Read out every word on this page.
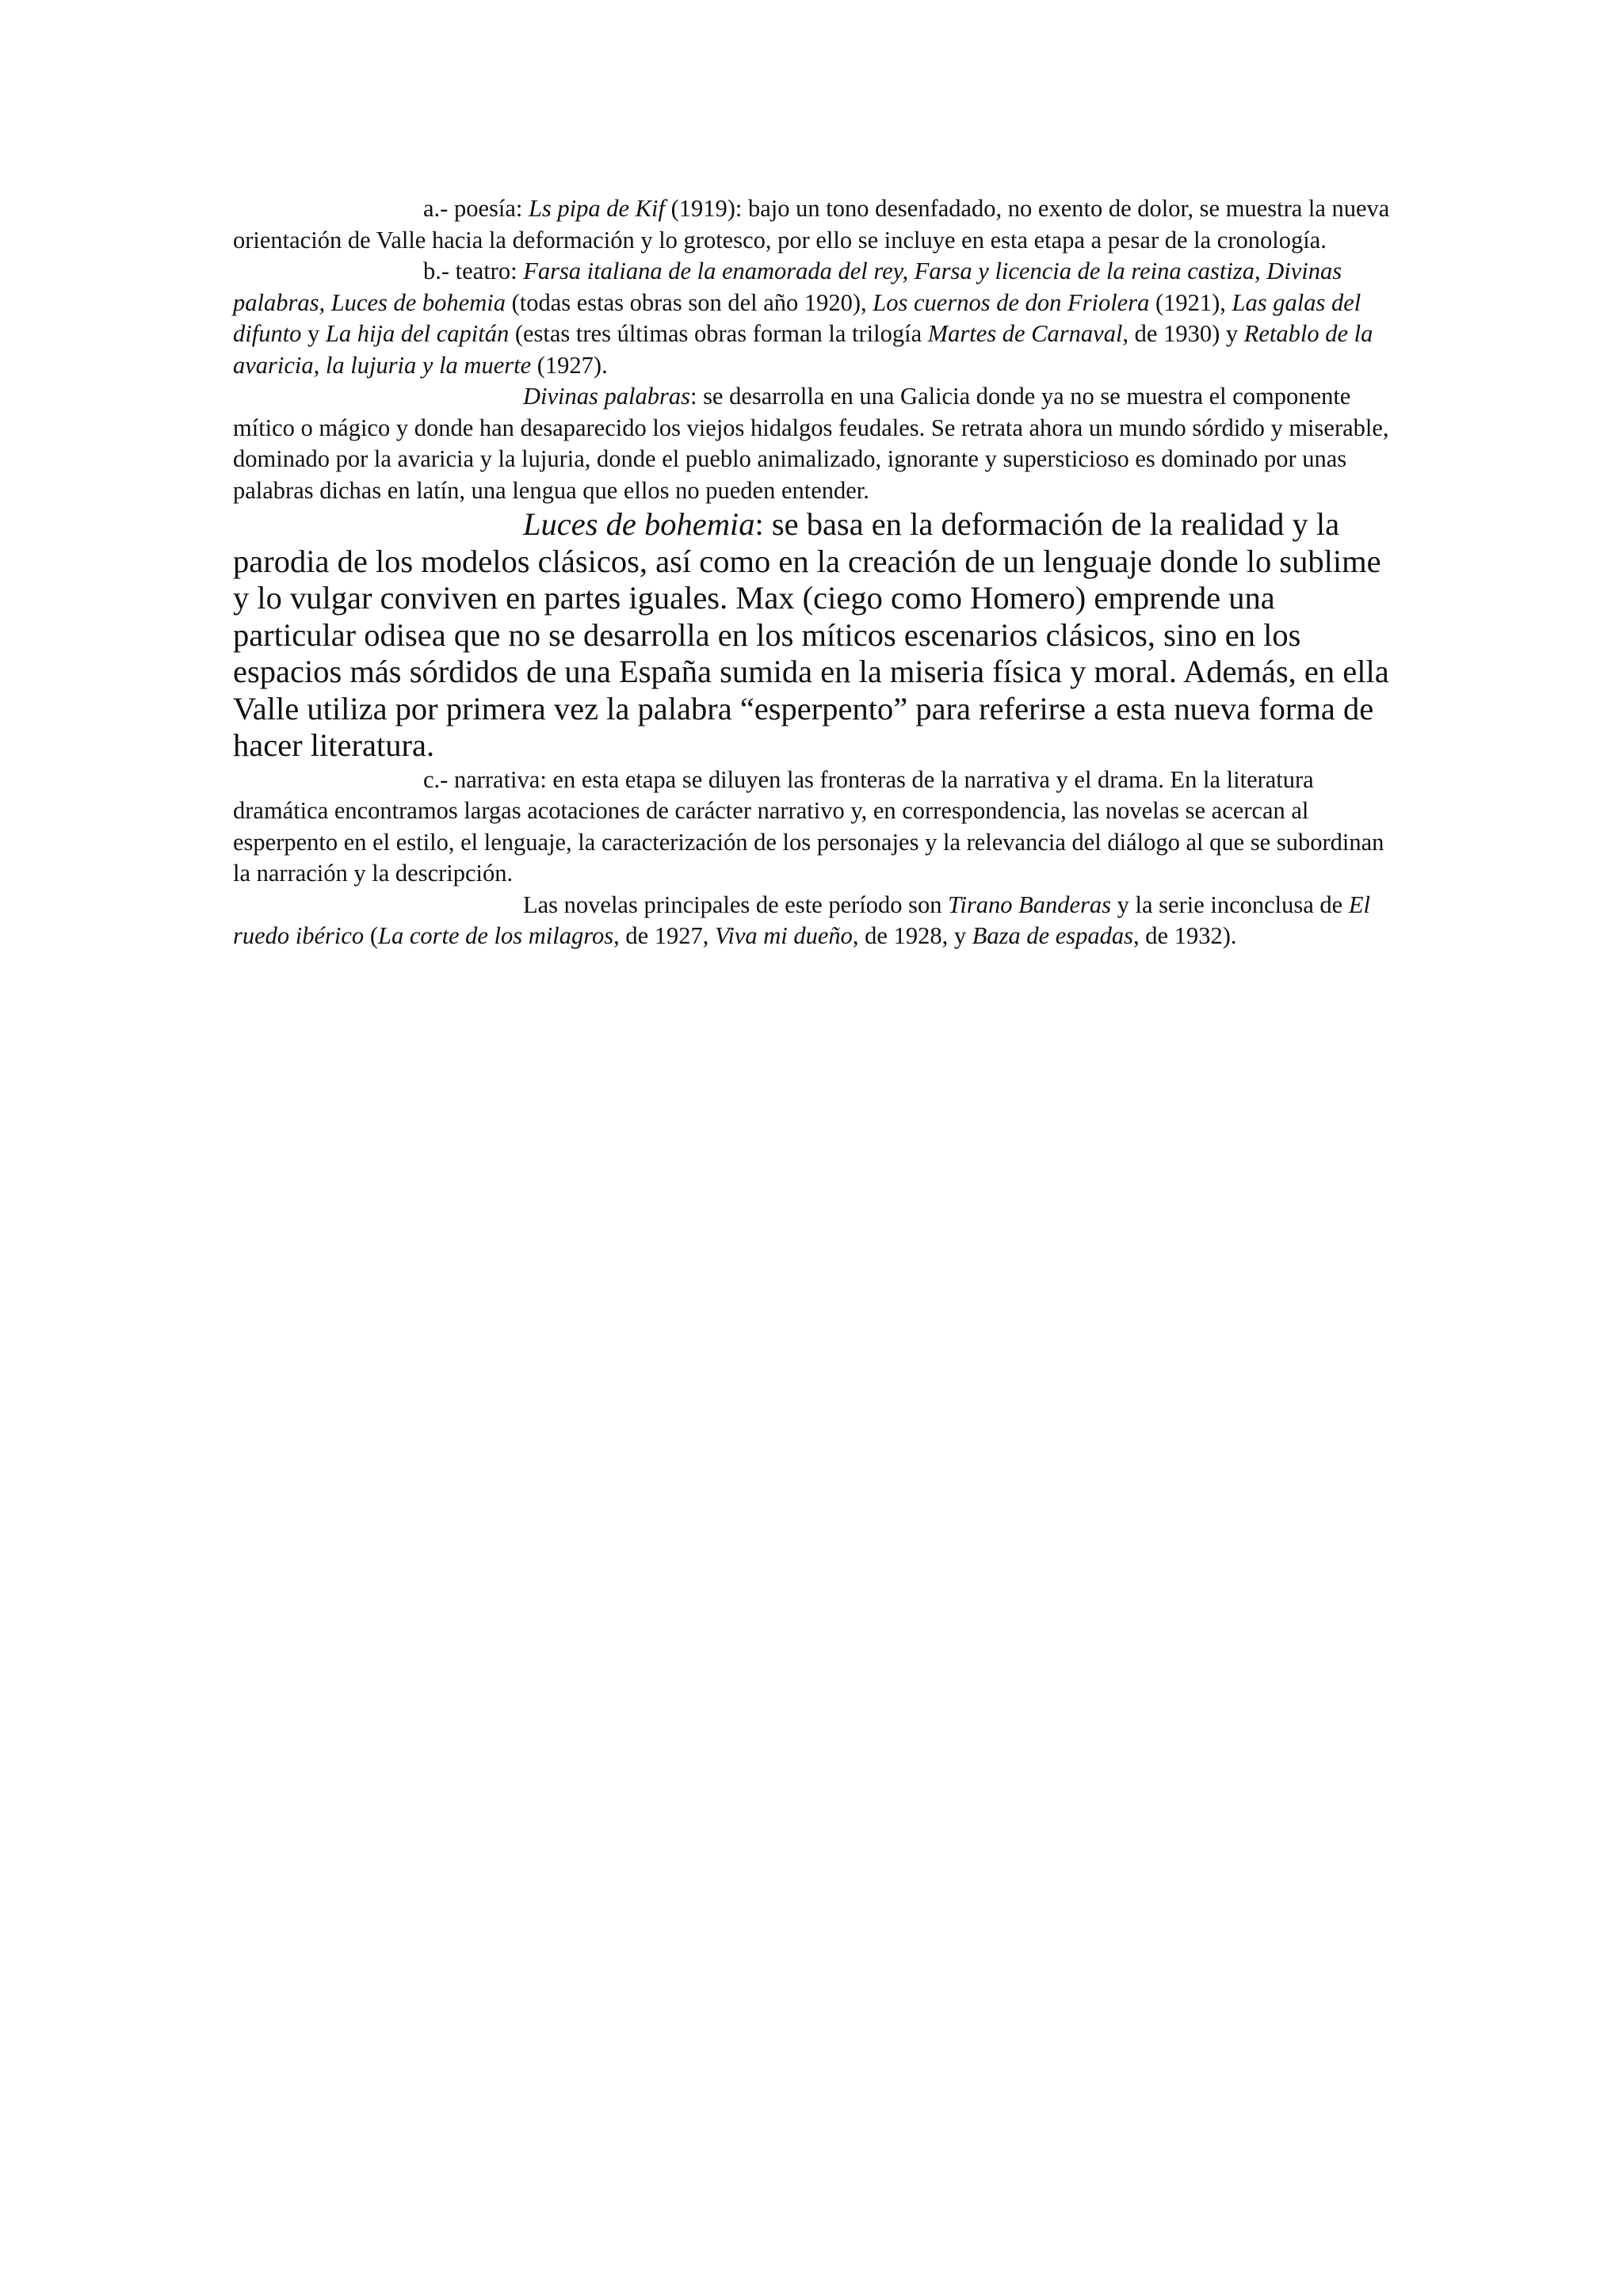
a.- poesía: Ls pipa de Kif (1919): bajo un tono desenfadado, no exento de dolor, se muestra la nueva orientación de Valle hacia la deformación y lo grotesco, por ello se incluye en esta etapa a pesar de la cronología.

b.- teatro: Farsa italiana de la enamorada del rey, Farsa y licencia de la reina castiza, Divinas palabras, Luces de bohemia (todas estas obras son del año 1920), Los cuernos de don Friolera (1921), Las galas del difunto y La hija del capitán (estas tres últimas obras forman la trilogía Martes de Carnaval, de 1930) y Retablo de la avaricia, la lujuria y la muerte (1927).

Divinas palabras: se desarrolla en una Galicia donde ya no se muestra el componente mítico o mágico y donde han desaparecido los viejos hidalgos feudales. Se retrata ahora un mundo sórdido y miserable, dominado por la avaricia y la lujuria, donde el pueblo animalizado, ignorante y supersticioso es dominado por unas palabras dichas en latín, una lengua que ellos no pueden entender.

Luces de bohemia: se basa en la deformación de la realidad y la parodia de los modelos clásicos, así como en la creación de un lenguaje donde lo sublime y lo vulgar conviven en partes iguales. Max (ciego como Homero) emprende una particular odisea que no se desarrolla en los míticos escenarios clásicos, sino en los espacios más sórdidos de una España sumida en la miseria física y moral. Además, en ella Valle utiliza por primera vez la palabra “esperpento” para referirse a esta nueva forma de hacer literatura.

c.- narrativa: en esta etapa se diluyen las fronteras de la narrativa y el drama. En la literatura dramática encontramos largas acotaciones de carácter narrativo y, en correspondencia, las novelas se acercan al esperpento en el estilo, el lenguaje, la caracterización de los personajes y la relevancia del diálogo al que se subordinan la narración y la descripción.

Las novelas principales de este período son Tirano Banderas y la serie inconclusa de El ruedo ibérico (La corte de los milagros, de 1927, Viva mi dueño, de 1928, y Baza de espadas, de 1932).
